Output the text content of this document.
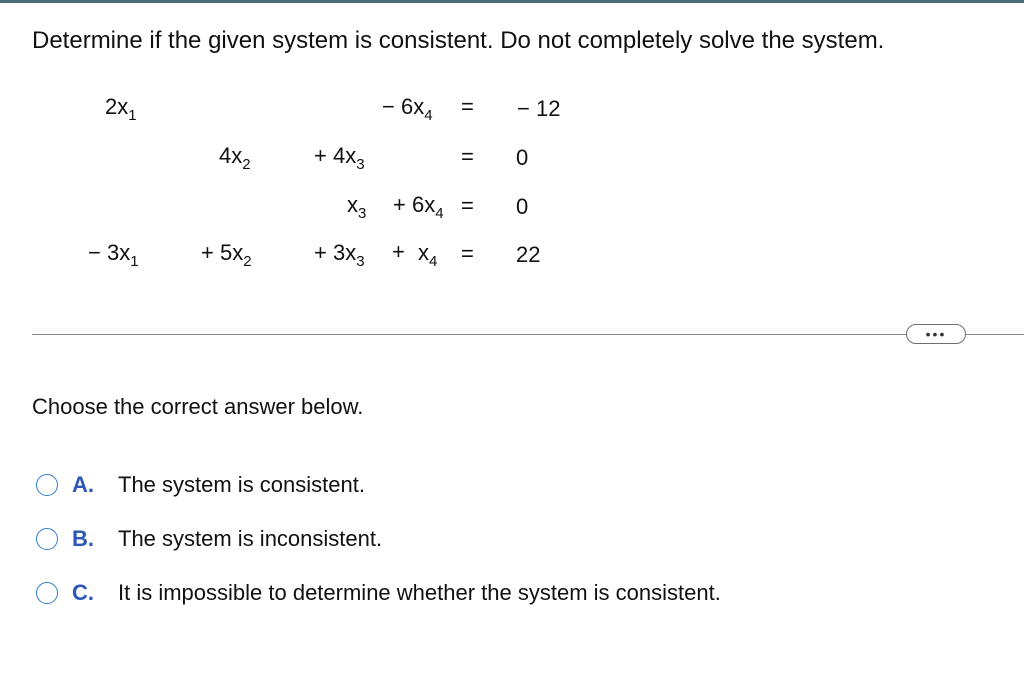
Determine if the given system is consistent. Do not completely solve the system.
$2x_1$	− $6x_4$ = − 12
$4x_2$	+ $4x_3$	= 0
$x_3 + 6x_4 = 0$
− $3x_1$	+ $5x_2$	+ $3x_3 + x_4 = 22$
•••
Choose the correct answer below.
A.	The system is consistent.
B.	The system is inconsistent.
C.	It is impossible to determine whether the system is consistent.
